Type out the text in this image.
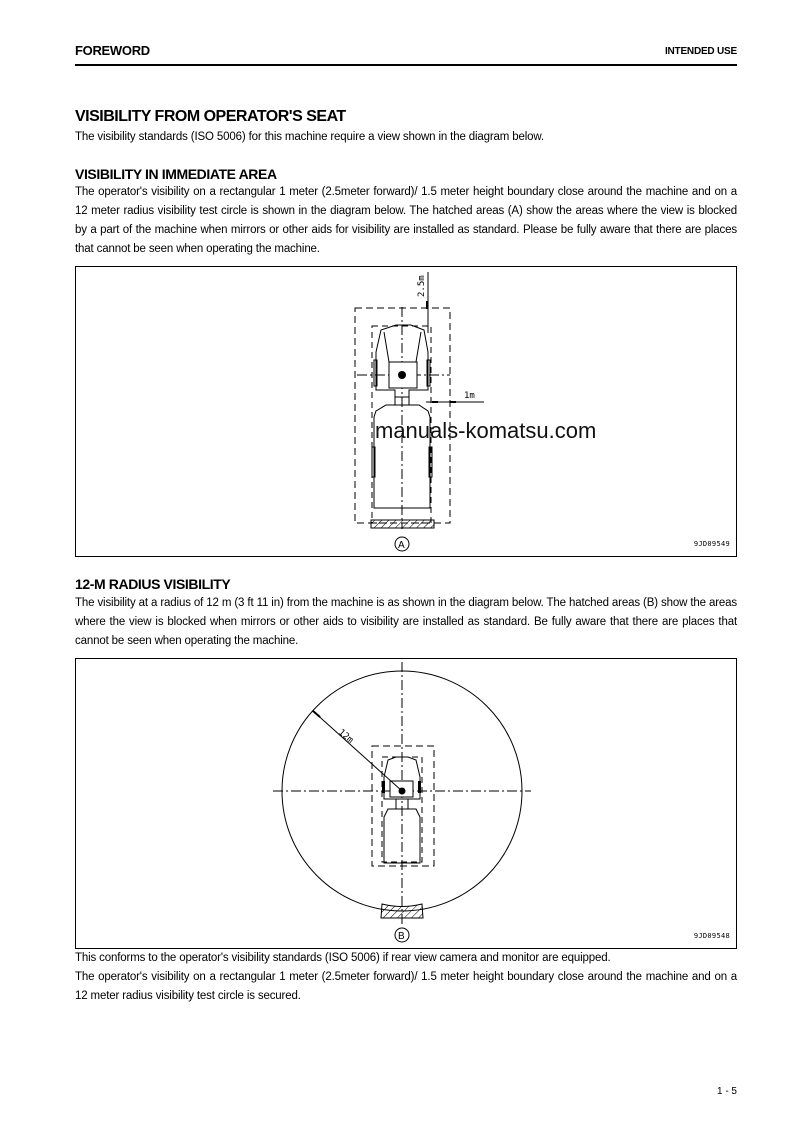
FOREWORD	INTENDED USE
VISIBILITY FROM OPERATOR'S SEAT
The visibility standards (ISO 5006) for this machine require a view shown in the diagram below.
VISIBILITY IN IMMEDIATE AREA
The operator's visibility on a rectangular 1 meter (2.5meter forward)/ 1.5 meter height boundary close around the machine and on a 12 meter radius visibility test circle is shown in the diagram below. The hatched areas (A) show the areas where the view is blocked by a part of the machine when mirrors or other aids for visibility are installed as standard. Please be fully aware that there are places that cannot be seen when operating the machine.
2.5m
1m
A	9JD09549
12-M RADIUS VISIBILITY
The visibility at a radius of 12 m (3 ft 11 in) from the machine is as shown in the diagram below. The hatched areas (B) show the areas where the view is blocked when mirrors or other aids to visibility are installed as standard. Be fully aware that there are places that cannot be seen when operating the machine.
12m
B	9JD09548
This conforms to the operator's visibility standards (ISO 5006) if rear view camera and monitor are equipped.
The operator's visibility on a rectangular 1 meter (2.5meter forward)/ 1.5 meter height boundary close around the machine and on a 12 meter radius visibility test circle is secured.
manuals-komatsu.com
1 - 5
